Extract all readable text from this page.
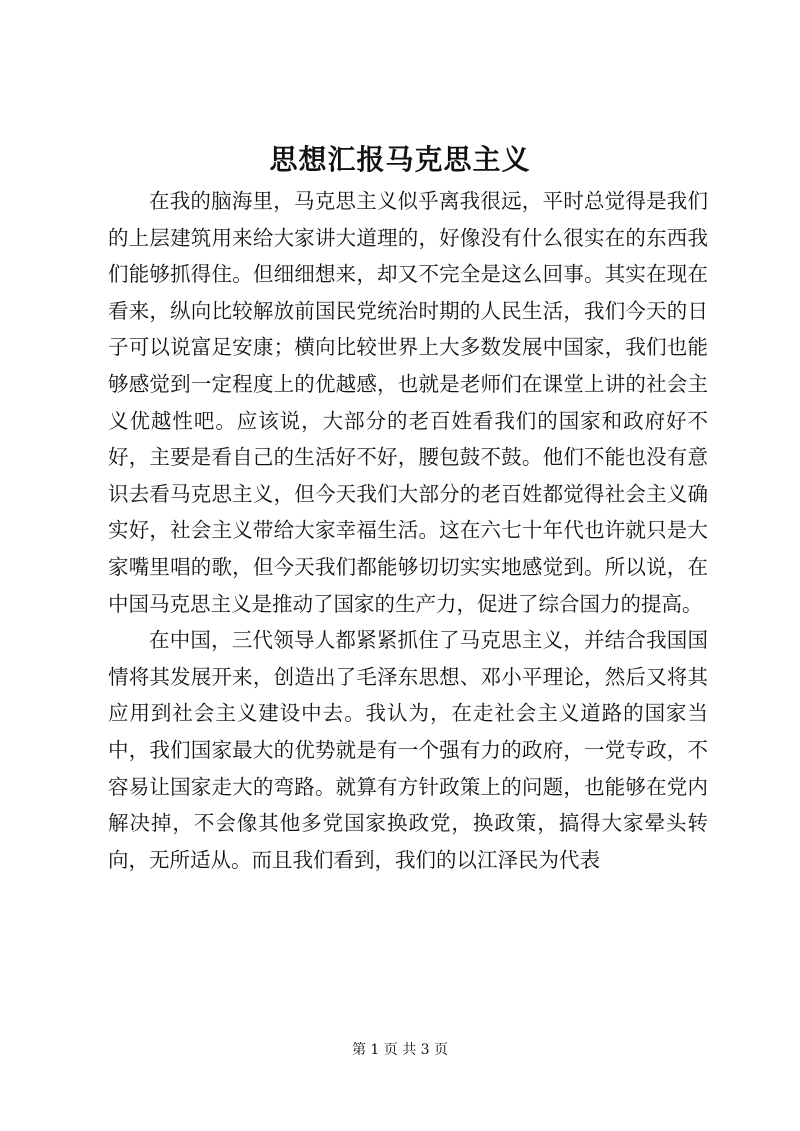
思想汇报马克思主义

在我的脑海里，马克思主义似乎离我很远，平时总觉得是我们的上层建筑用来给大家讲大道理的，好像没有什么很实在的东西我们能够抓得住。但细细想来，却又不完全是这么回事。其实在现在看来，纵向比较解放前国民党统治时期的人民生活，我们今天的日子可以说富足安康；横向比较世界上大多数发展中国家，我们也能够感觉到一定程度上的优越感，也就是老师们在课堂上讲的社会主义优越性吧。应该说，大部分的老百姓看我们的国家和政府好不好，主要是看自己的生活好不好，腰包鼓不鼓。他们不能也没有意识去看马克思主义，但今天我们大部分的老百姓都觉得社会主义确实好，社会主义带给大家幸福生活。这在六七十年代也许就只是大家嘴里唱的歌，但今天我们都能够切切实实地感觉到。所以说，在中国马克思主义是推动了国家的生产力，促进了综合国力的提高。

在中国，三代领导人都紧紧抓住了马克思主义，并结合我国国情将其发展开来，创造出了毛泽东思想、邓小平理论，然后又将其应用到社会主义建设中去。我认为，在走社会主义道路的国家当中，我们国家最大的优势就是有一个强有力的政府，一党专政，不容易让国家走大的弯路。就算有方针政策上的问题，也能够在党内解决掉，不会像其他多党国家换政党，换政策，搞得大家晕头转向，无所适从。而且我们看到，我们的以江泽民为代表

第 1 页 共 3 页
